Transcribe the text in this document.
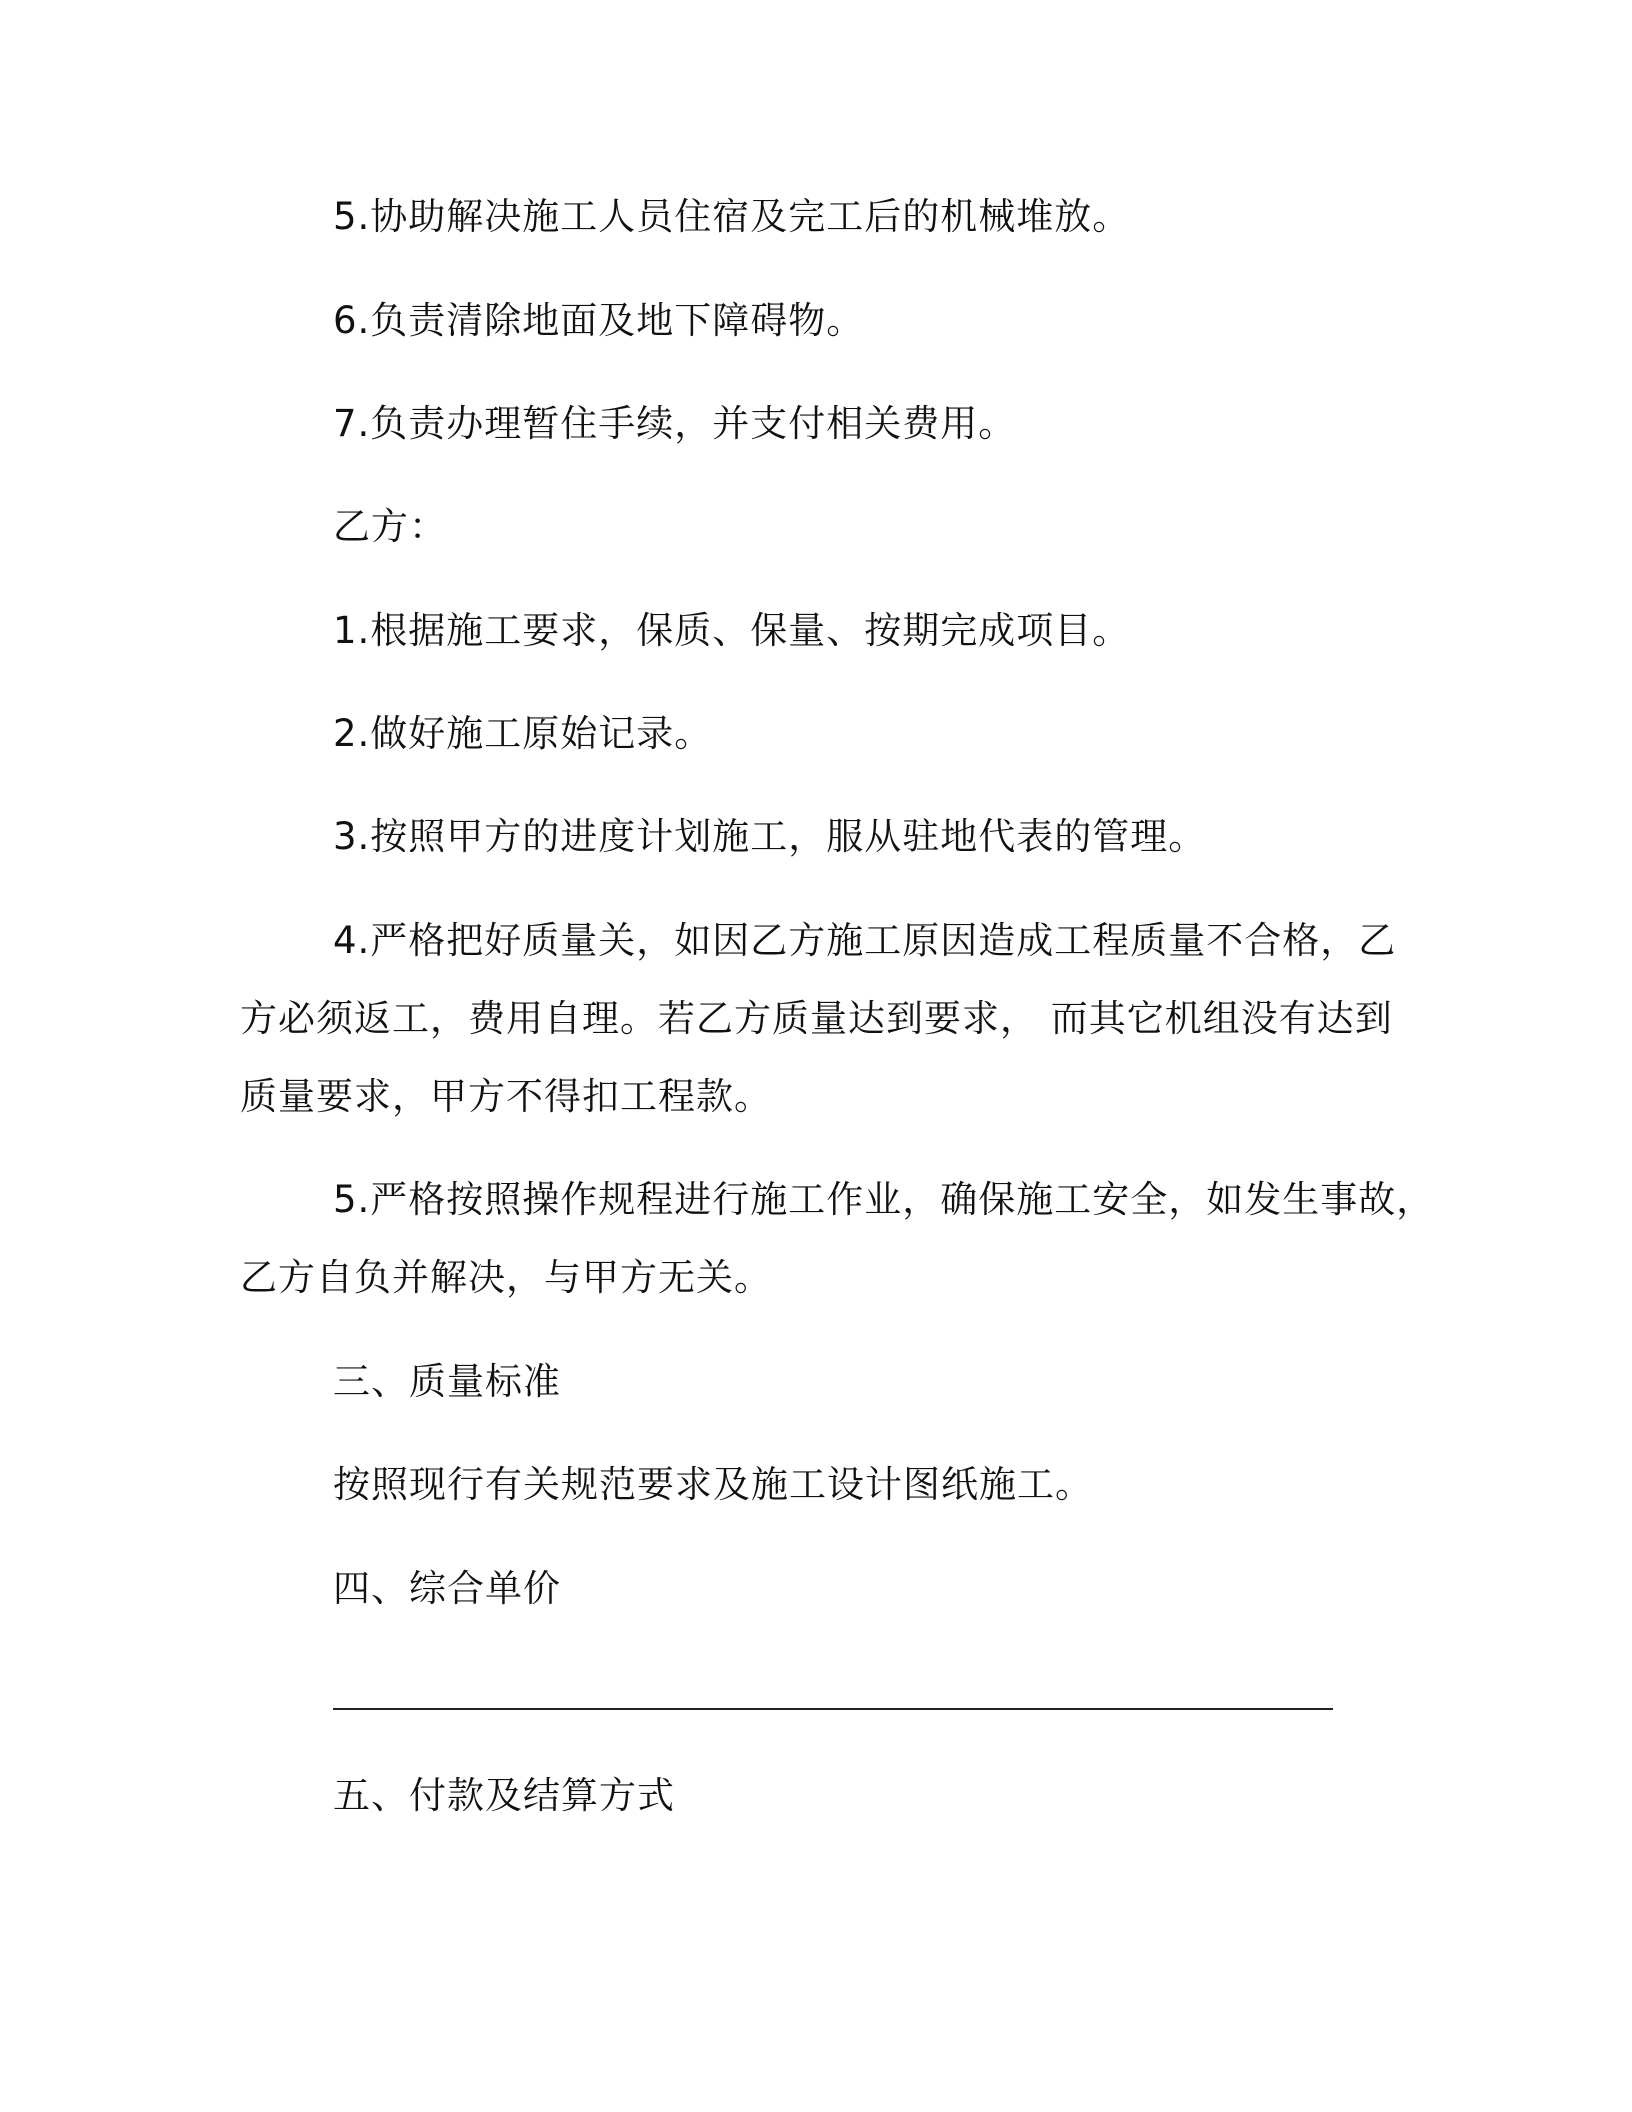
5.协助解决施工人员住宿及完工后的机械堆放。
6.负责清除地面及地下障碍物。
7.负责办理暂住手续，并支付相关费用。
乙方：
1.根据施工要求，保质、保量、按期完成项目。
2.做好施工原始记录。
3.按照甲方的进度计划施工，服从驻地代表的管理。
4.严格把好质量关，如因乙方施工原因造成工程质量不合格，乙
方必须返工，费用自理。若乙方质量达到要求， 而其它机组没有达到
质量要求，甲方不得扣工程款。
5.严格按照操作规程进行施工作业，确保施工安全，如发生事故，
乙方自负并解决，与甲方无关。
三、质量标准
按照现行有关规范要求及施工设计图纸施工。
四、综合单价
五、付款及结算方式
